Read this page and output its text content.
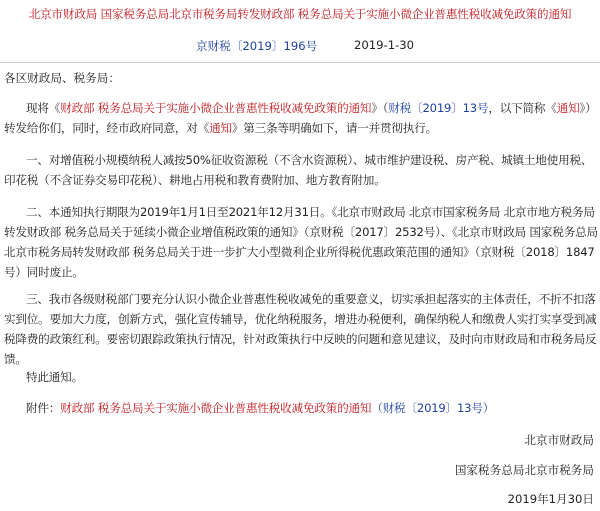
北京市财政局 国家税务总局北京市税务局转发财政部 税务总局关于实施小微企业普惠性税收减免政策的通知
京财税〔2019〕196号	2019-1-30
各区财政局、税务局：
现将《财政部 税务总局关于实施小微企业普惠性税收减免政策的通知》（财税〔2019〕13号，以下简称《通知》）转发给你们，同时，经市政府同意，对《通知》第三条等明确如下，请一并贯彻执行。
一、对增值税小规模纳税人减按50%征收资源税（不含水资源税）、城市维护建设税、房产税、城镇土地使用税、印花税（不含证券交易印花税）、耕地占用税和教育费附加、地方教育附加。
二、本通知执行期限为2019年1月1日至2021年12月31日。《北京市财政局 北京市国家税务局 北京市地方税务局转发财政部 税务总局关于延续小微企业增值税政策的通知》（京财税〔2017〕2532号）、《北京市财政局 国家税务总局北京市税务局转发财政部 税务总局关于进一步扩大小型微利企业所得税优惠政策范围的通知》（京财税〔2018〕1847号）同时废止。
三、我市各级财税部门要充分认识小微企业普惠性税收减免的重要意义，切实承担起落实的主体责任，不折不扣落实到位。要加大力度，创新方式，强化宣传辅导，优化纳税服务，增进办税便利，确保纳税人和缴费人实打实享受到减税降费的政策红利。要密切跟踪政策执行情况，针对政策执行中反映的问题和意见建议，及时向市财政局和市税务局反馈。
特此通知。
附件：财政部 税务总局关于实施小微企业普惠性税收减免政策的通知（财税〔2019〕13号）
北京市财政局
国家税务总局北京市税务局
2019年1月30日
